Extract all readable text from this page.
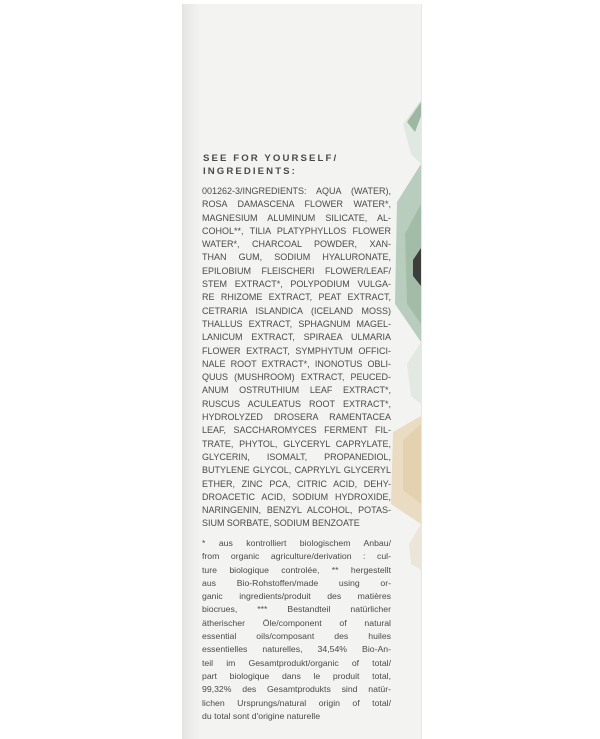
SEE FOR YOURSELF/
INGREDIENTS:
001262-3/INGREDIENTS: AQUA (WATER),
ROSA DAMASCENA FLOWER WATER*,
MAGNESIUM ALUMINUM SILICATE, AL-
COHOL**, TILIA PLATYPHYLLOS FLOWER
WATER*, CHARCOAL POWDER, XAN-
THAN GUM, SODIUM HYALURONATE,
EPILOBIUM FLEISCHERI FLOWER/LEAF/
STEM EXTRACT*, POLYPODIUM VULGA-
RE RHIZOME EXTRACT, PEAT EXTRACT,
CETRARIA ISLANDICA (ICELAND MOSS)
THALLUS EXTRACT, SPHAGNUM MAGEL-
LANICUM EXTRACT, SPIRAEA ULMARIA
FLOWER EXTRACT, SYMPHYTUM OFFICI-
NALE ROOT EXTRACT*, INONOTUS OBLI-
QUUS (MUSHROOM) EXTRACT, PEUCED-
ANUM OSTRUTHIUM LEAF EXTRACT*,
RUSCUS ACULEATUS ROOT EXTRACT*,
HYDROLYZED DROSERA RAMENTACEA
LEAF, SACCHAROMYCES FERMENT FIL-
TRATE, PHYTOL, GLYCERYL CAPRYLATE,
GLYCERIN, ISOMALT, PROPANEDIOL,
BUTYLENE GLYCOL, CAPRYLYL GLYCERYL
ETHER, ZINC PCA, CITRIC ACID, DEHY-
DROACETIC ACID, SODIUM HYDROXIDE,
NARINGENIN, BENZYL ALCOHOL, POTAS-
SIUM SORBATE, SODIUM BENZOATE
* aus kontrolliert biologischem Anbau/
from organic agriculture/derivation : cul-
ture biologique controlée, ** hergestellt
aus Bio-Rohstoffen/made using or-
ganic ingredients/produit des matières
biocrues, *** Bestandteil natürlicher
ätherischer Öle/component of natural
essential oils/composant des huiles
essentielles naturelles, 34,54% Bio-An-
teil im Gesamtprodukt/organic of total/
part biologique dans le produit total,
99,32% des Gesamtprodukts sind natür-
lichen Ursprungs/natural origin of total/
du total sont d'origine naturelle
